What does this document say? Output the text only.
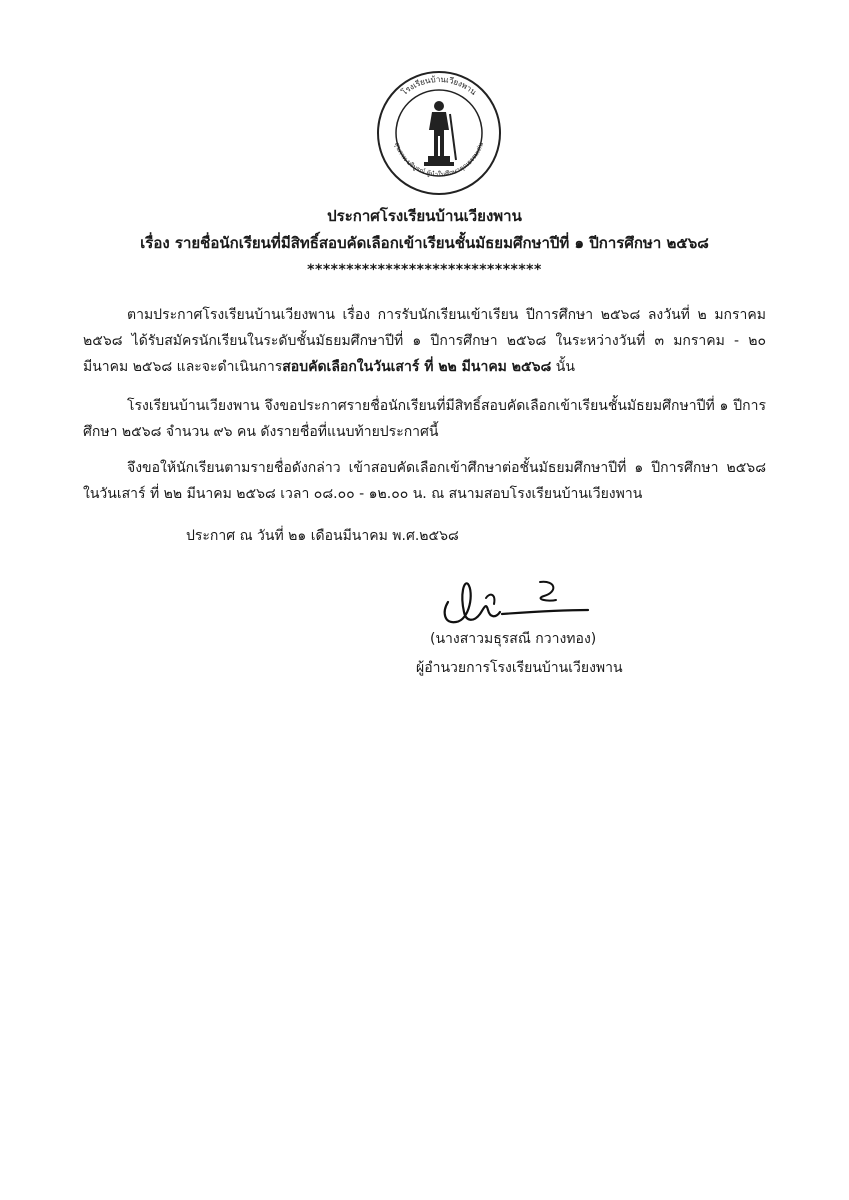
โรงเรียนบ้านเวียงพาน
สุขภาพ บริบูรณ์ ผู้นำในศึกษาคุณธรรมเด่น
ประกาศโรงเรียนบ้านเวียงพาน
เรื่อง รายชื่อนักเรียนที่มีสิทธิ์สอบคัดเลือกเข้าเรียนชั้นมัธยมศึกษาปีที่ ๑ ปีการศึกษา ๒๕๖๘
******************************
ตามประกาศโรงเรียนบ้านเวียงพาน เรื่อง การรับนักเรียนเข้าเรียน ปีการศึกษา ๒๕๖๘ ลงวันที่ ๒ มกราคม ๒๕๖๘ ได้รับสมัครนักเรียนในระดับชั้นมัธยมศึกษาปีที่ ๑ ปีการศึกษา ๒๕๖๘ ในระหว่างวันที่ ๓ มกราคม - ๒๐ มีนาคม ๒๕๖๘ และจะดำเนินการสอบคัดเลือกในวันเสาร์ ที่ ๒๒ มีนาคม ๒๕๖๘ นั้น
โรงเรียนบ้านเวียงพาน จึงขอประกาศรายชื่อนักเรียนที่มีสิทธิ์สอบคัดเลือกเข้าเรียนชั้นมัธยมศึกษาปีที่ ๑ ปีการศึกษา ๒๕๖๘ จำนวน ๙๖ คน ดังรายชื่อที่แนบท้ายประกาศนี้
จึงขอให้นักเรียนตามรายชื่อดังกล่าว เข้าสอบคัดเลือกเข้าศึกษาต่อชั้นมัธยมศึกษาปีที่ ๑ ปีการศึกษา ๒๕๖๘ ในวันเสาร์ ที่ ๒๒ มีนาคม ๒๕๖๘ เวลา ๐๘.๐๐ - ๑๒.๐๐ น. ณ สนามสอบโรงเรียนบ้านเวียงพาน
ประกาศ ณ วันที่ ๒๑ เดือนมีนาคม พ.ศ.๒๕๖๘
(นางสาวมธุรสณี กวางทอง)
ผู้อำนวยการโรงเรียนบ้านเวียงพาน
